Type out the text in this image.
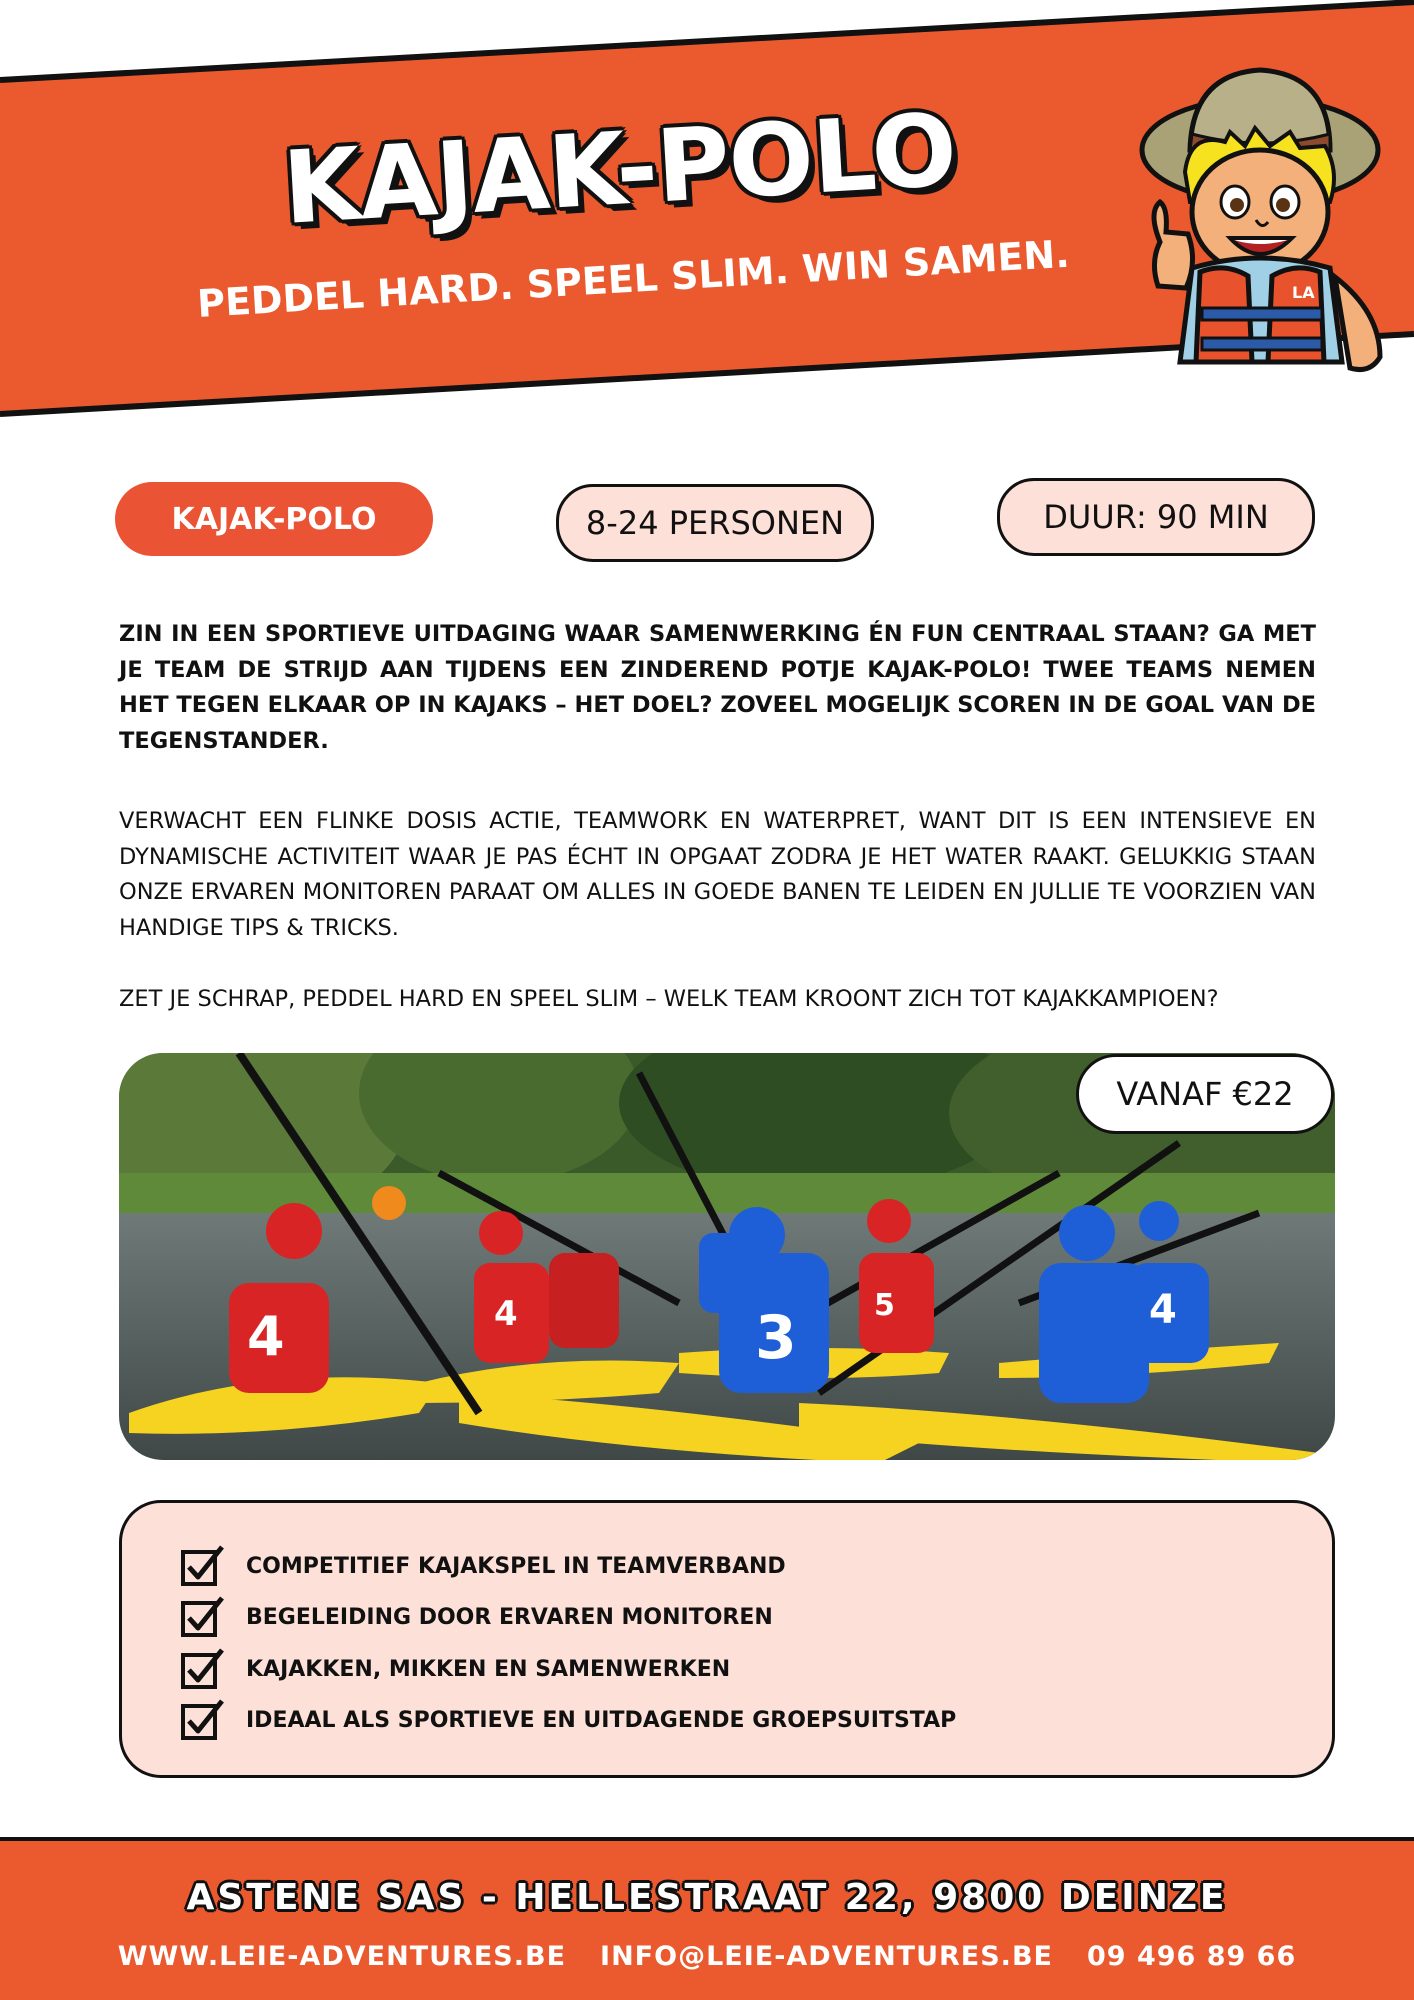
KAJAK-POLO

PEDDEL HARD. SPEEL SLIM. WIN SAMEN.	LA
KAJAK-POLO	8-24 PERSONEN	DUUR: 90 MIN

ZIN IN EEN SPORTIEVE UITDAGING WAAR SAMENWERKING ÉN FUN CENTRAAL STAAN? GA MET JE TEAM DE STRIJD AAN TIJDENS EEN ZINDEREND POTJE KAJAK-POLO! TWEE TEAMS NEMEN HET TEGEN ELKAAR OP IN KAJAKS – HET DOEL? ZOVEEL MOGELIJK SCOREN IN DE GOAL VAN DE TEGENSTANDER.

VERWACHT EEN FLINKE DOSIS ACTIE, TEAMWORK EN WATERPRET, WANT DIT IS EEN INTENSIEVE EN DYNAMISCHE ACTIVITEIT WAAR JE PAS ÉCHT IN OPGAAT ZODRA JE HET WATER RAAKT. GELUKKIG STAAN ONZE ERVAREN MONITOREN PARAAT OM ALLES IN GOEDE BANEN TE LEIDEN EN JULLIE TE VOORZIEN VAN HANDIGE TIPS & TRICKS.

ZET JE SCHRAP, PEDDEL HARD EN SPEEL SLIM – WELK TEAM KROONT ZICH TOT KAJAKKAMPIOEN?

4	4	5
3	4
VANAF €22
COMPETITIEF KAJAKSPEL IN TEAMVERBAND
BEGELEIDING DOOR ERVAREN MONITOREN
KAJAKKEN, MIKKEN EN SAMENWERKEN
IDEAAL ALS SPORTIEVE EN UITDAGENDE GROEPSUITSTAP

ASTENE SAS - HELLESTRAAT 22, 9800 DEINZE

WWW.LEIE-ADVENTURES.BE INFO@LEIE-ADVENTURES.BE 09 496 89 66
